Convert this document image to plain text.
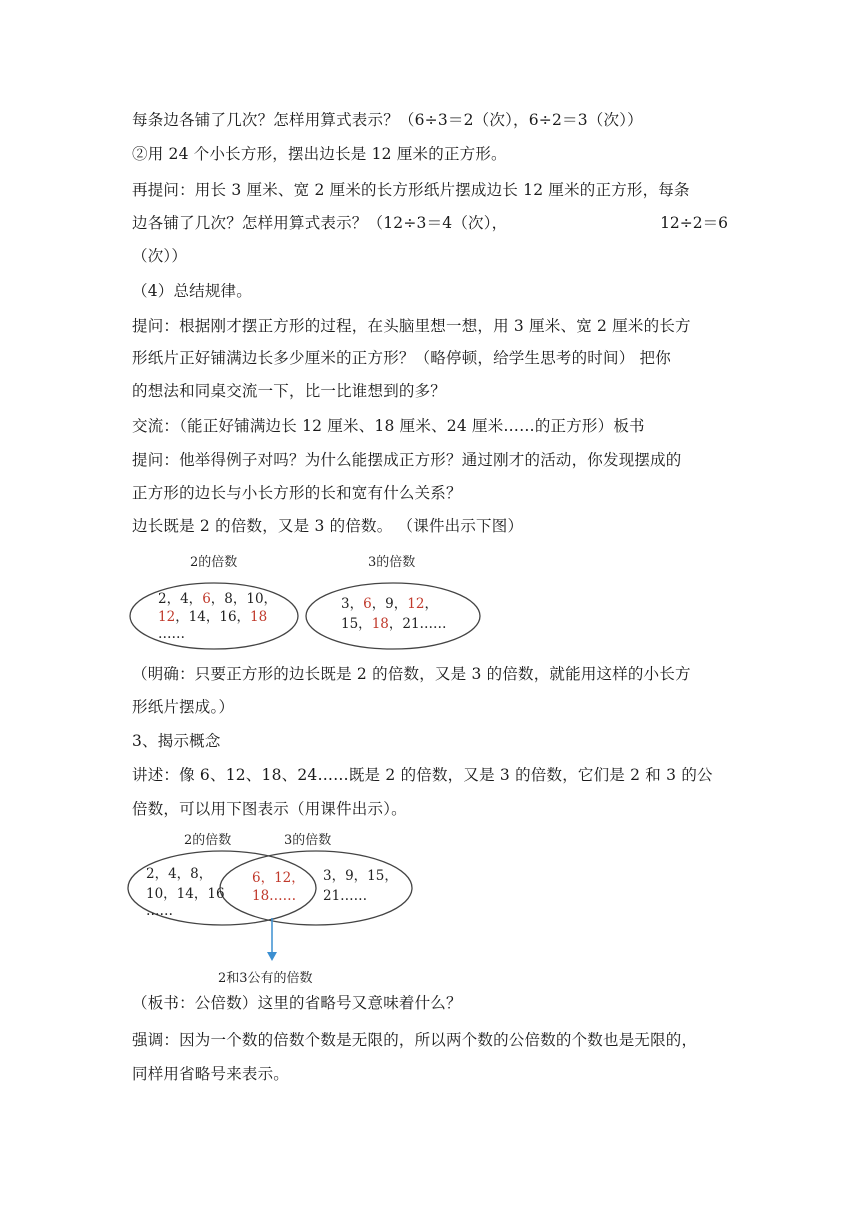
每条边各铺了几次？怎样用算式表示？（6÷3＝2（次），6÷2＝3（次））
②用 24 个小长方形，摆出边长是 12 厘米的正方形。
再提问：用长 3 厘米、宽 2 厘米的长方形纸片摆成边长 12 厘米的正方形，每条
边各铺了几次？怎样用算式表示？（12÷3＝4（次），	12÷2＝6
（次））
（4）总结规律。
提问：根据刚才摆正方形的过程，在头脑里想一想，用 3 厘米、宽 2 厘米的长方
形纸片正好铺满边长多少厘米的正方形？（略停顿，给学生思考的时间） 把你
的想法和同桌交流一下，比一比谁想到的多？
交流：（能正好铺满边长 12 厘米、18 厘米、24 厘米……的正方形）板书
提问：他举得例子对吗？为什么能摆成正方形？通过刚才的活动，你发现摆成的
正方形的边长与小长方形的长和宽有什么关系？
边长既是 2 的倍数，又是 3 的倍数。 （课件出示下图）
2的倍数	3的倍数
2，4，6，8，10，
12，14，16，18
……
3，6，9，12，
15，18，21……
（明确：只要正方形的边长既是 2 的倍数，又是 3 的倍数，就能用这样的小长方
形纸片摆成。）
3、揭示概念
讲述：像 6、12、18、24……既是 2 的倍数，又是 3 的倍数，它们是 2 和 3 的公
倍数，可以用下图表示（用课件出示）。
2的倍数	3的倍数
2，4，8，
10，14，16
……
6，12，
18……
3，9，15，
21……
2和3公有的倍数
（板书：公倍数）这里的省略号又意味着什么？
强调：因为一个数的倍数个数是无限的，所以两个数的公倍数的个数也是无限的，
同样用省略号来表示。
